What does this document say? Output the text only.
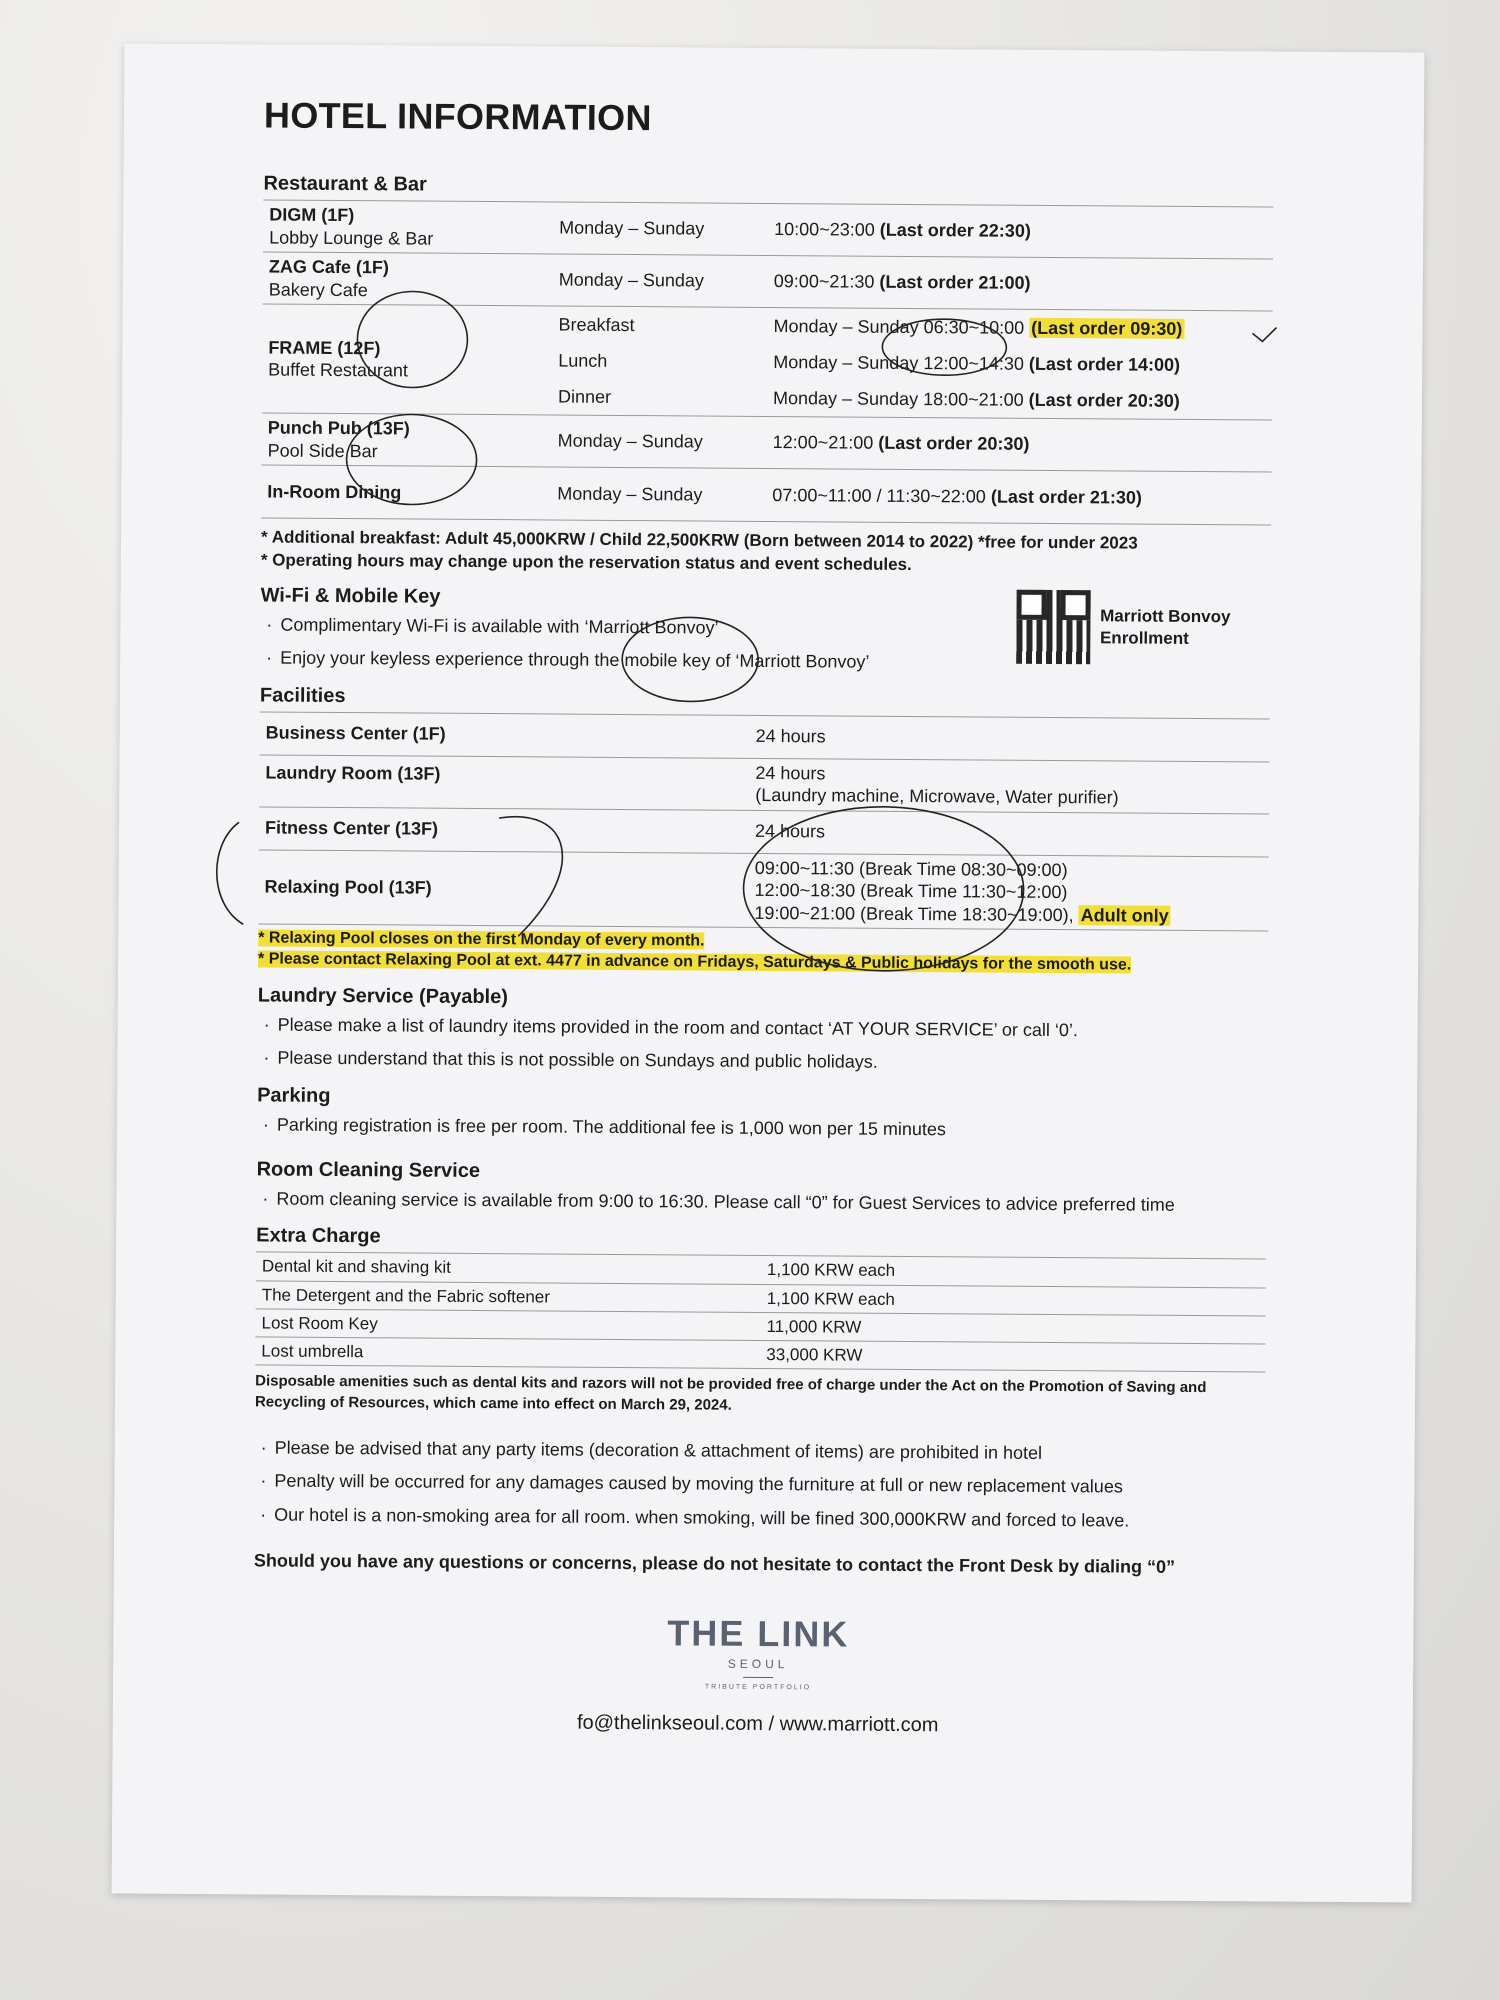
HOTEL INFORMATION
Restaurant & Bar
DIGM (1F)
Lobby Lounge & Bar	Monday – Sunday	10:00~23:00 (Last order 22:30)

ZAG Cafe (1F)
Bakery Cafe	Monday – Sunday	09:00~21:30 (Last order 21:00)

FRAME (12F)
Buffet Restaurant	Breakfast	Monday – Sunday 06:30~10:00 (Last order 09:30)
	Lunch	Monday – Sunday 12:00~14:30 (Last order 14:00)
	Dinner	Monday – Sunday 18:00~21:00 (Last order 20:30)

Punch Pub (13F)
Pool Side Bar	Monday – Sunday	12:00~21:00 (Last order 20:30)

In-Room Dining	Monday – Sunday	07:00~11:00 / 11:30~22:00 (Last order 21:30)
* Additional breakfast: Adult 45,000KRW / Child 22,500KRW (Born between 2014 to 2022) *free for under 2023
* Operating hours may change upon the reservation status and event schedules.
Wi-Fi & Mobile Key
· Complimentary Wi-Fi is available with ‘Marriott Bonvoy’
· Enjoy your keyless experience through the mobile key of ‘Marriott Bonvoy’
Marriott Bonvoy
Enrollment
Facilities
Business Center (1F)	24 hours
Laundry Room (13F)	24 hours
(Laundry machine, Microwave, Water purifier)

Fitness Center (13F)	24 hours
Relaxing Pool (13F)	09:00~11:30 (Break Time 08:30~09:00)
12:00~18:30 (Break Time 11:30~12:00)
19:00~21:00 (Break Time 18:30~19:00), Adult only
* Relaxing Pool closes on the first Monday of every month.
* Please contact Relaxing Pool at ext. 4477 in advance on Fridays, Saturdays & Public holidays for the smooth use.
Laundry Service (Payable)
· Please make a list of laundry items provided in the room and contact ‘AT YOUR SERVICE’ or call ‘0’.
· Please understand that this is not possible on Sundays and public holidays.
Parking
· Parking registration is free per room. The additional fee is 1,000 won per 15 minutes
Room Cleaning Service
· Room cleaning service is available from 9:00 to 16:30. Please call “0” for Guest Services to advice preferred time
Extra Charge
Dental kit and shaving kit	1,100 KRW each
The Detergent and the Fabric softener	1,100 KRW each
Lost Room Key	11,000 KRW
Lost umbrella	33,000 KRW
Disposable amenities such as dental kits and razors will not be provided free of charge under the Act on the Promotion of Saving and Recycling of Resources, which came into effect on March 29, 2024.
· Please be advised that any party items (decoration & attachment of items) are prohibited in hotel
· Penalty will be occurred for any damages caused by moving the furniture at full or new replacement values
· Our hotel is a non-smoking area for all room. when smoking, will be fined 300,000KRW and forced to leave.
Should you have any questions or concerns, please do not hesitate to contact the Front Desk by dialing “0”
THE LINK
SEOUL
TRIBUTE PORTFOLIO
fo@thelinkseoul.com / www.marriott.com
